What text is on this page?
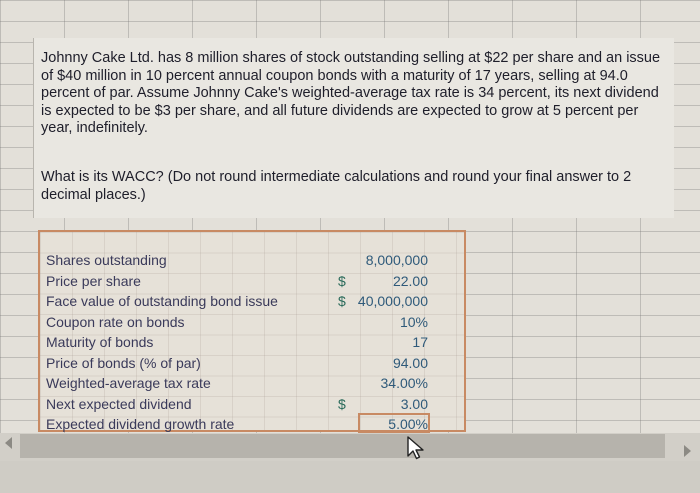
Johnny Cake Ltd. has 8 million shares of stock outstanding selling at $22 per share and an issue of $40 million in 10 percent annual coupon bonds with a maturity of 17 years, selling at 94.0 percent of par. Assume Johnny Cake's weighted-average tax rate is 34 percent, its next dividend is expected to be $3 per share, and all future dividends are expected to grow at 5 percent per year, indefinitely.

What is its WACC? (Do not round intermediate calculations and round your final answer to 2 decimal places.)

Shares outstanding	8,000,000
Price per share	$	22.00
Face value of outstanding bond issue	$ 40,000,000
Coupon rate on bonds	10%
Maturity of bonds	17
Price of bonds (% of par)	94.00
Weighted-average tax rate	34.00%
Next expected dividend	$	3.00
Expected dividend growth rate	5.00%
